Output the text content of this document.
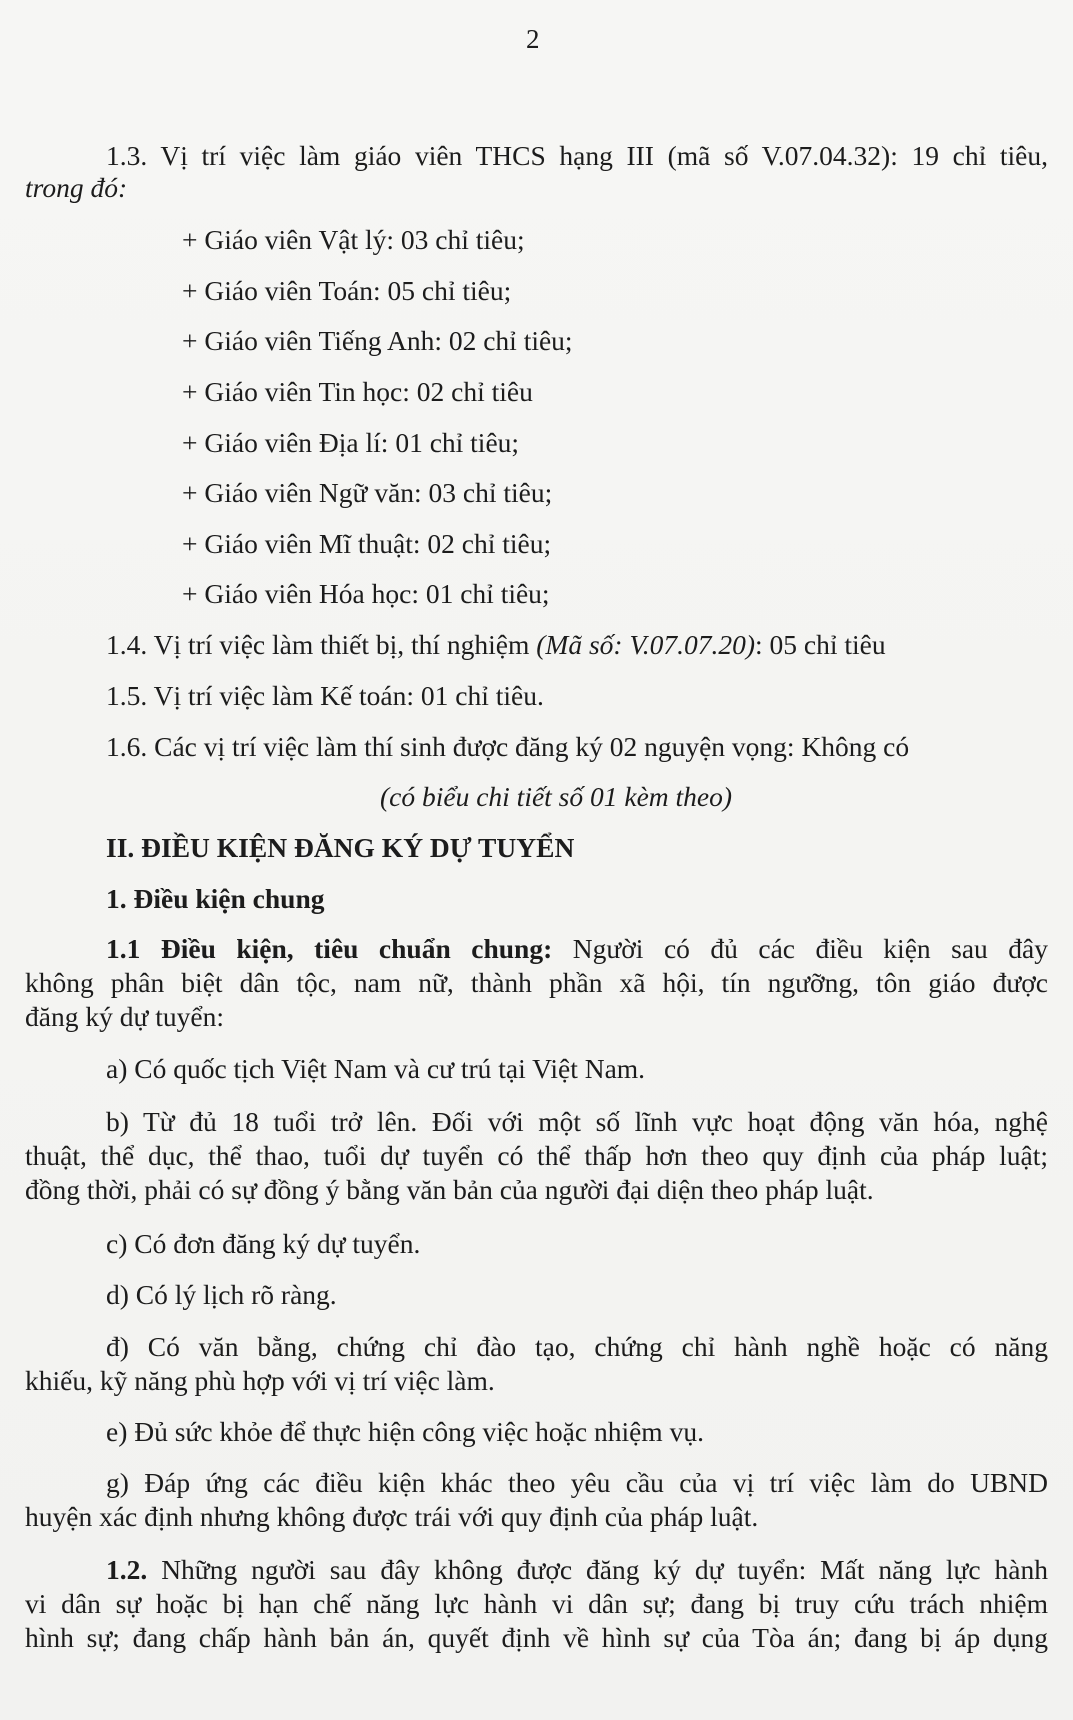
2
1.3. Vị trí việc làm giáo viên THCS hạng III (mã số V.07.04.32): 19 chỉ tiêu,
trong đó:
+ Giáo viên Vật lý: 03 chỉ tiêu;
+ Giáo viên Toán: 05 chỉ tiêu;
+ Giáo viên Tiếng Anh: 02 chỉ tiêu;
+ Giáo viên Tin học: 02 chỉ tiêu
+ Giáo viên Địa lí: 01 chỉ tiêu;
+ Giáo viên Ngữ văn: 03 chỉ tiêu;
+ Giáo viên Mĩ thuật: 02 chỉ tiêu;
+ Giáo viên Hóa học: 01 chỉ tiêu;
1.4. Vị trí việc làm thiết bị, thí nghiệm (Mã số: V.07.07.20): 05 chỉ tiêu
1.5. Vị trí việc làm Kế toán: 01 chỉ tiêu.
1.6. Các vị trí việc làm thí sinh được đăng ký 02 nguyện vọng: Không có
(có biểu chi tiết số 01 kèm theo)
II. ĐIỀU KIỆN ĐĂNG KÝ DỰ TUYỂN
1. Điều kiện chung
1.1 Điều kiện, tiêu chuẩn chung: Người có đủ các điều kiện sau đây
không phân biệt dân tộc, nam nữ, thành phần xã hội, tín ngưỡng, tôn giáo được
đăng ký dự tuyển:
a) Có quốc tịch Việt Nam và cư trú tại Việt Nam.
b) Từ đủ 18 tuổi trở lên. Đối với một số lĩnh vực hoạt động văn hóa, nghệ
thuật, thể dục, thể thao, tuổi dự tuyển có thể thấp hơn theo quy định của pháp luật;
đồng thời, phải có sự đồng ý bằng văn bản của người đại diện theo pháp luật.
c) Có đơn đăng ký dự tuyển.
d) Có lý lịch rõ ràng.
đ) Có văn bằng, chứng chỉ đào tạo, chứng chỉ hành nghề hoặc có năng
khiếu, kỹ năng phù hợp với vị trí việc làm.
e) Đủ sức khỏe để thực hiện công việc hoặc nhiệm vụ.
g) Đáp ứng các điều kiện khác theo yêu cầu của vị trí việc làm do UBND
huyện xác định nhưng không được trái với quy định của pháp luật.
1.2. Những người sau đây không được đăng ký dự tuyển: Mất năng lực hành
vi dân sự hoặc bị hạn chế năng lực hành vi dân sự; đang bị truy cứu trách nhiệm
hình sự; đang chấp hành bản án, quyết định về hình sự của Tòa án; đang bị áp dụng
